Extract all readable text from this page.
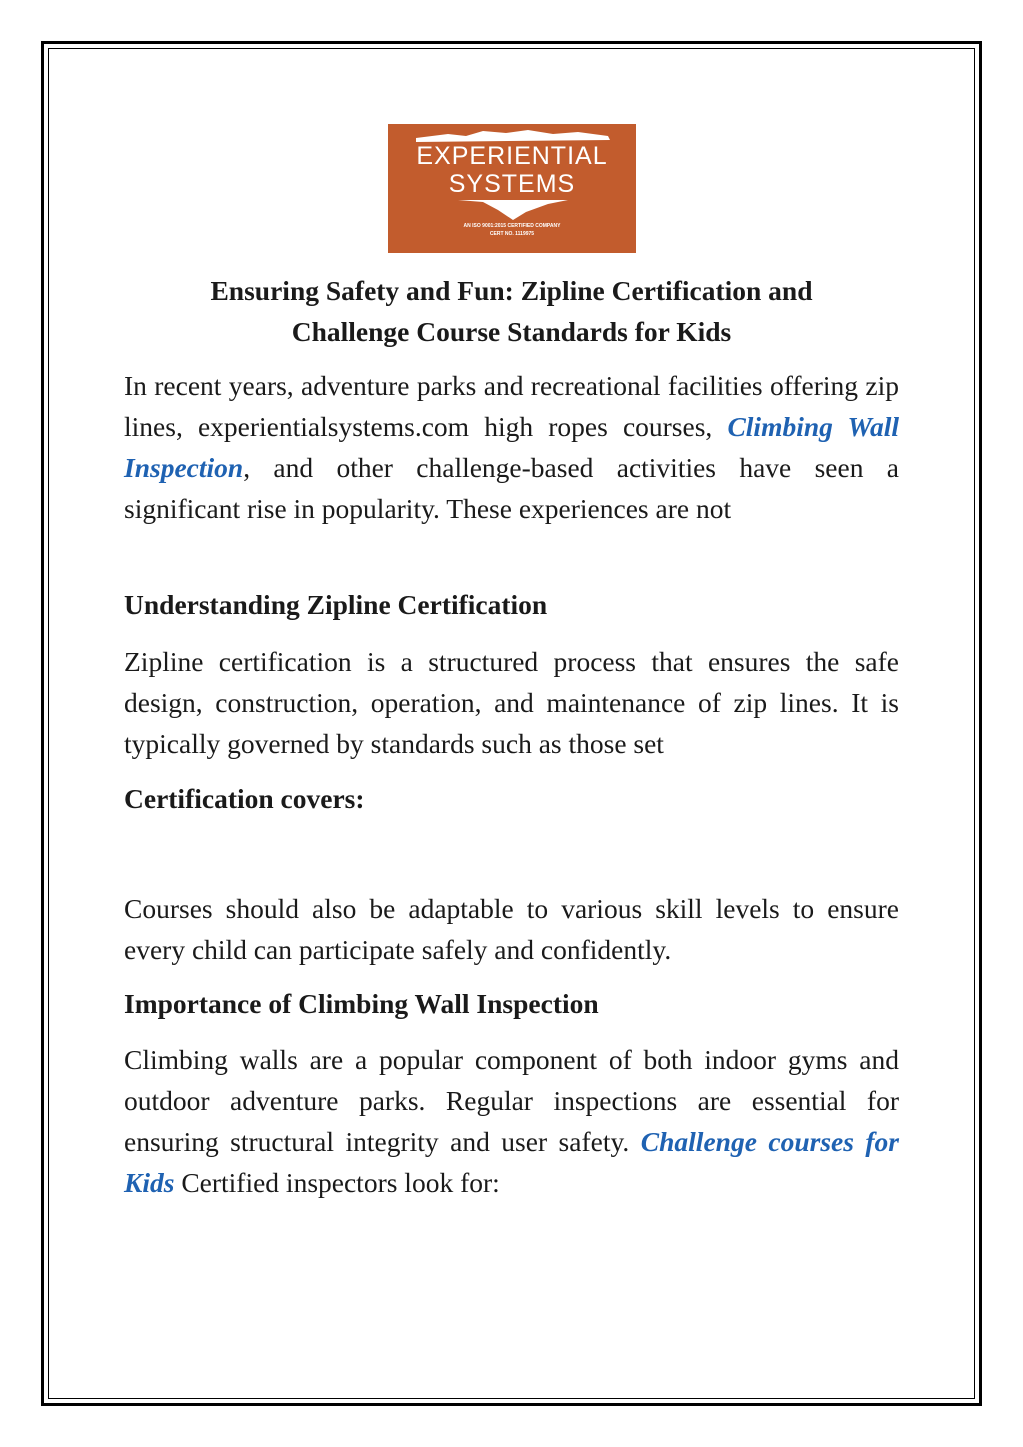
EXPERIENTIAL
SYSTEMS
AN ISO 9001:2015 CERTIFIED COMPANY
CERT NO. 1119975
Ensuring Safety and Fun: Zipline Certification and
Challenge Course Standards for Kids

In recent years, adventure parks and recreational facilities offering zip lines, experientialsystems.com high ropes courses, Climbing Wall Inspection, and other challenge-based activities have seen a significant rise in popularity. These experiences are not

Understanding Zipline Certification

Zipline certification is a structured process that ensures the safe design, construction, operation, and maintenance of zip lines. It is typically governed by standards such as those set

Certification covers:

Courses should also be adaptable to various skill levels to ensure every child can participate safely and confidently.

Importance of Climbing Wall Inspection

Climbing walls are a popular component of both indoor gyms and outdoor adventure parks. Regular inspections are essential for ensuring structural integrity and user safety. Challenge courses for Kids Certified inspectors look for:
